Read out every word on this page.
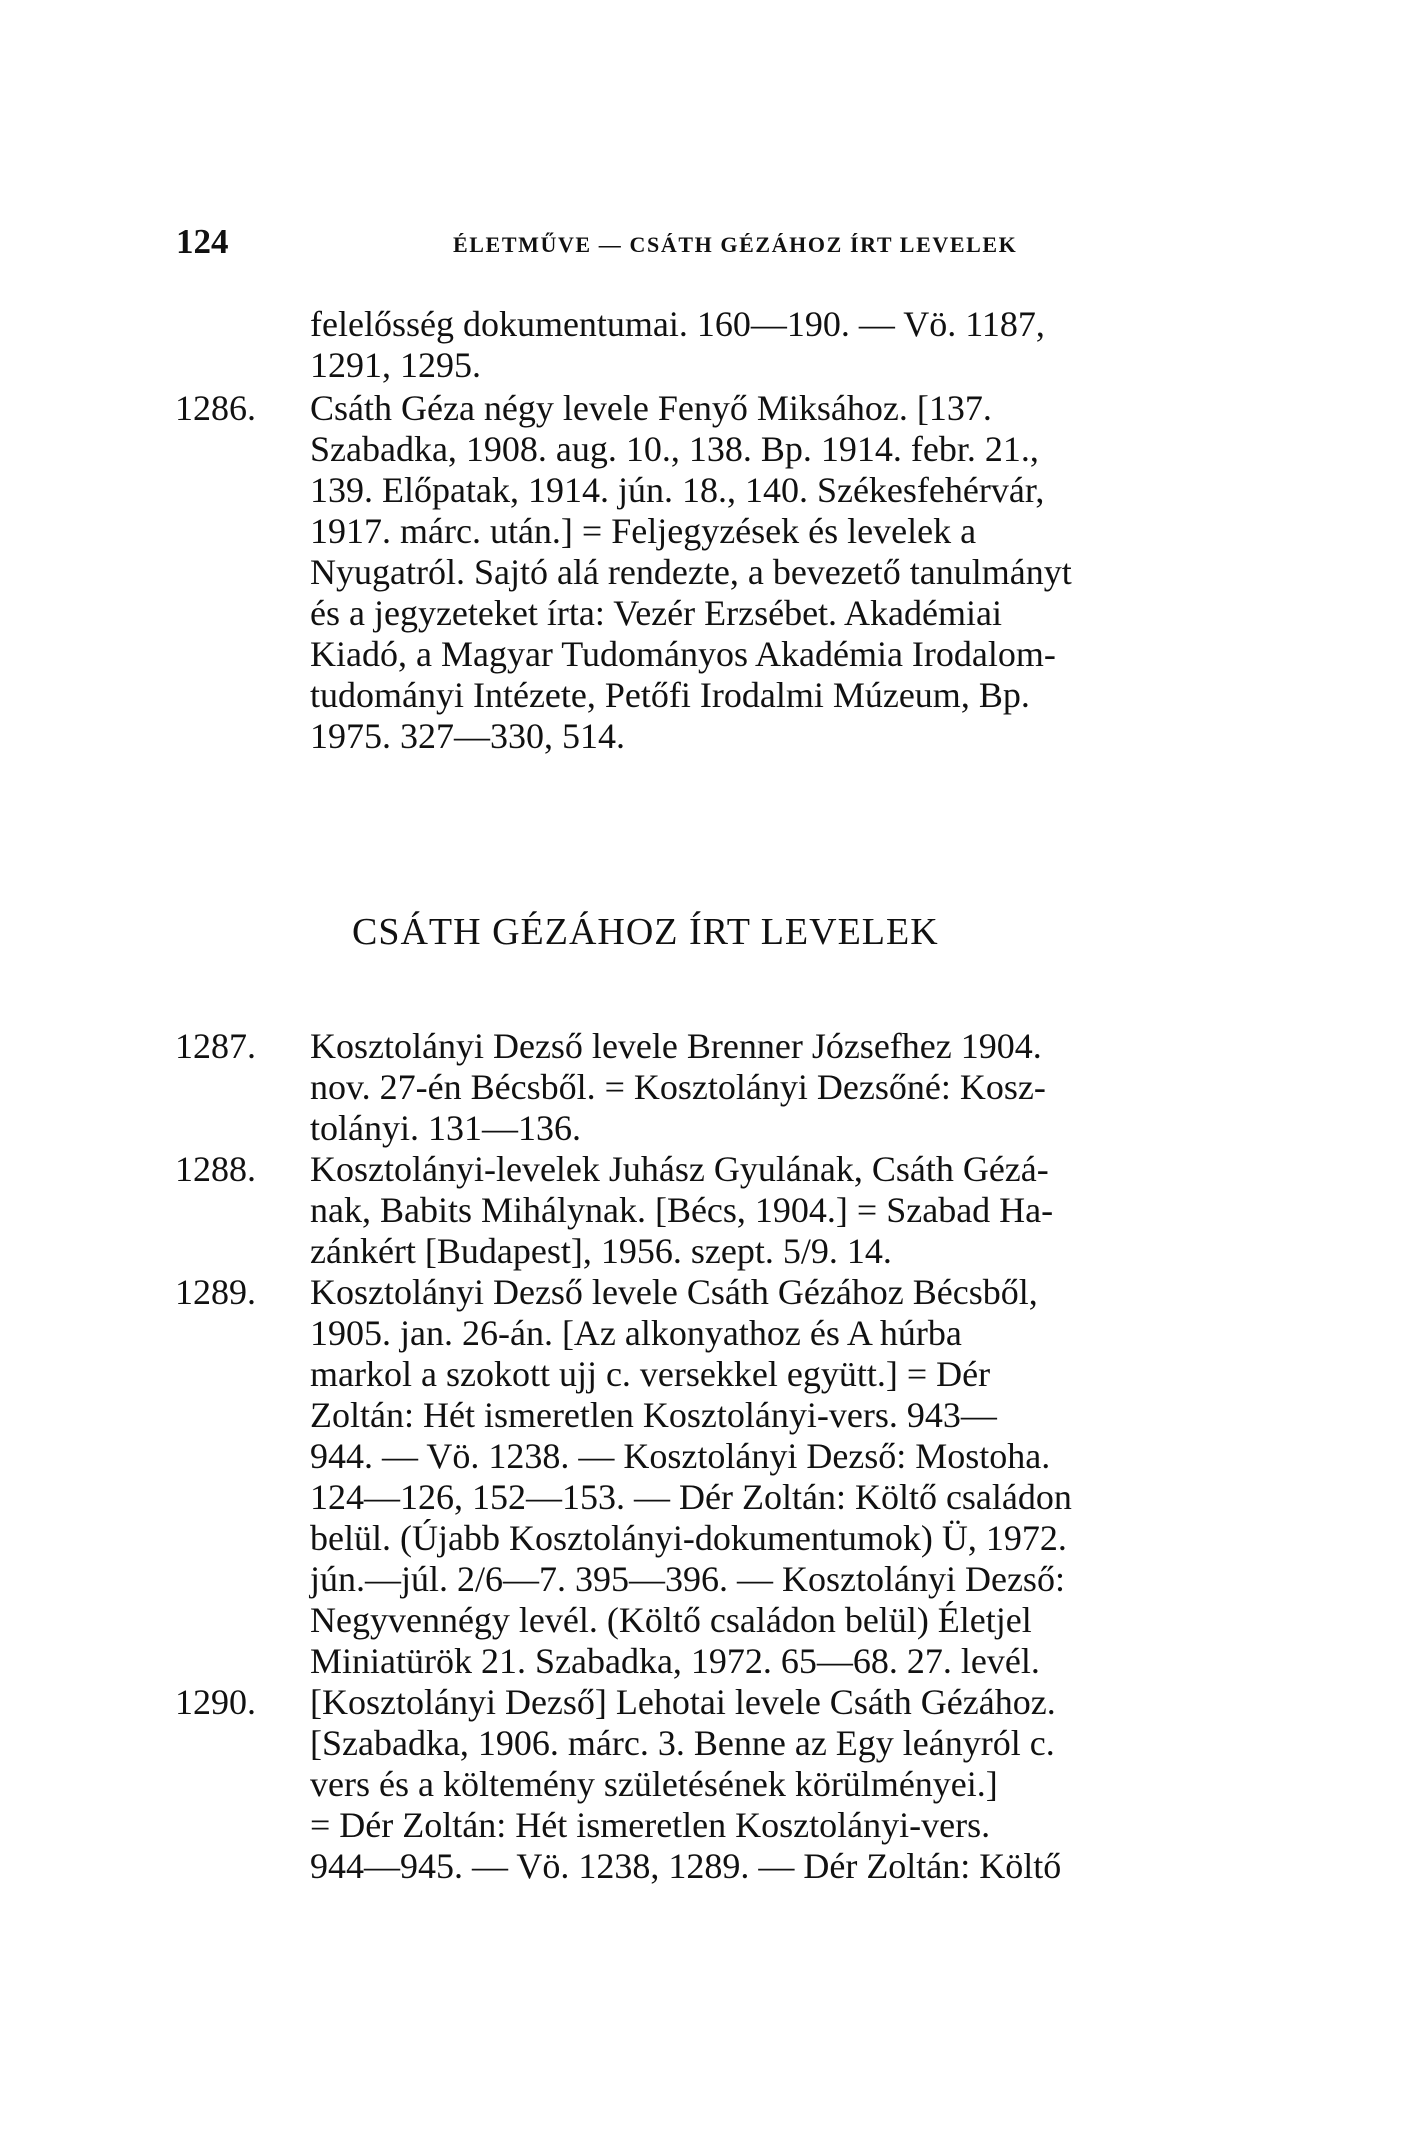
124	ÉLETMŰVE — CSÁTH GÉZÁHOZ ÍRT LEVELEK
felelősség dokumentumai. 160—190. — Vö. 1187,
1291, 1295.
1286. Csáth Géza négy levele Fenyő Miksához. [137.
Szabadka, 1908. aug. 10., 138. Bp. 1914. febr. 21.,
139. Előpatak, 1914. jún. 18., 140. Székesfehérvár,
1917. márc. után.] = Feljegyzések és levelek a
Nyugatról. Sajtó alá rendezte, a bevezető tanulmányt
és a jegyzeteket írta: Vezér Erzsébet. Akadémiai
Kiadó, a Magyar Tudományos Akadémia Irodalom-
tudományi Intézete, Petőfi Irodalmi Múzeum, Bp.
1975. 327—330, 514.
CSÁTH GÉZÁHOZ ÍRT LEVELEK
1287. Kosztolányi Dezső levele Brenner Józsefhez 1904.
nov. 27-én Bécsből. = Kosztolányi Dezsőné: Kosz-
tolányi. 131—136.
1288. Kosztolányi-levelek Juhász Gyulának, Csáth Gézá-
nak, Babits Mihálynak. [Bécs, 1904.] = Szabad Ha-
zánkért [Budapest], 1956. szept. 5/9. 14.
1289. Kosztolányi Dezső levele Csáth Gézához Bécsből,
1905. jan. 26-án. [Az alkonyathoz és A húrba
markol a szokott ujj c. versekkel együtt.] = Dér
Zoltán: Hét ismeretlen Kosztolányi-vers. 943—
944. — Vö. 1238. — Kosztolányi Dezső: Mostoha.
124—126, 152—153. — Dér Zoltán: Költő családon
belül. (Újabb Kosztolányi-dokumentumok) Ü, 1972.
jún.—júl. 2/6—7. 395—396. — Kosztolányi Dezső:
Negyvennégy levél. (Költő családon belül) Életjel
Miniatürök 21. Szabadka, 1972. 65—68. 27. levél.
1290. [Kosztolányi Dezső] Lehotai levele Csáth Gézához.
[Szabadka, 1906. márc. 3. Benne az Egy leányról c.
vers és a költemény születésének körülményei.]
= Dér Zoltán: Hét ismeretlen Kosztolányi-vers.
944—945. — Vö. 1238, 1289. — Dér Zoltán: Költő
